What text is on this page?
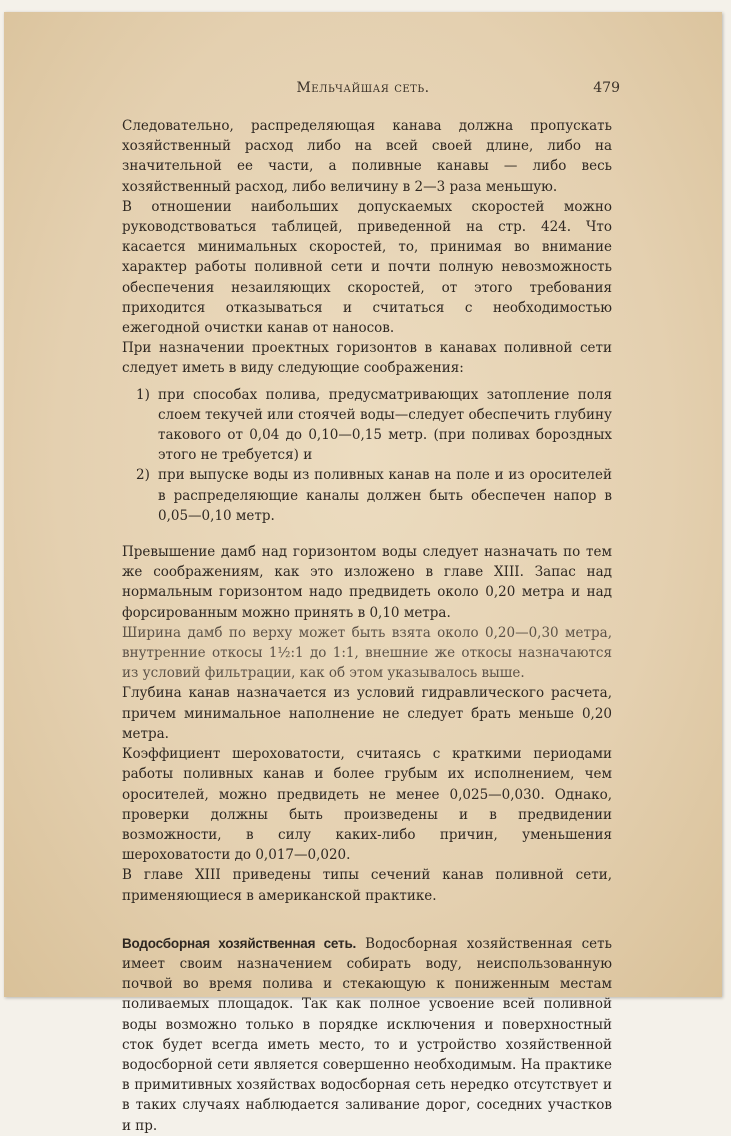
Мельчайшая сеть.	479

Следовательно, распределяющая канава должна пропускать хозяйственный расход либо на всей своей длине, либо на значительной ее части, а поливные канавы — либо весь хозяйственный расход, либо величину в 2—3 раза меньшую.

В отношении наибольших допускаемых скоростей можно руководствоваться таблицей, приведенной на стр. 424. Что касается минимальных скоростей, то, принимая во внимание характер работы поливной сети и почти полную невозможность обеспечения незаиляющих скоростей, от этого требования приходится отказываться и считаться с необходимостью ежегодной очистки канав от наносов.

При назначении проектных горизонтов в канавах поливной сети следует иметь в виду следующие соображения:

1) при способах полива, предусматривающих затопление поля слоем текучей или стоячей воды—следует обеспечить глубину такового от 0,04 до 0,10—0,15 метр. (при поливах бороздных этого не требуется) и
2) при выпуске воды из поливных канав на поле и из оросителей в распределяющие каналы должен быть обеспечен напор в 0,05—0,10 метр.

Превышение дамб над горизонтом воды следует назначать по тем же соображениям, как это изложено в главе XIII. Запас над нормальным горизонтом надо предвидеть около 0,20 метра и над форсированным можно принять в 0,10 метра.

Ширина дамб по верху может быть взята около 0,20—0,30 метра, внутренние откосы 1½:1 до 1:1, внешние же откосы назначаются из условий фильтрации, как об этом указывалось выше.

Глубина канав назначается из условий гидравлического расчета, причем минимальное наполнение не следует брать меньше 0,20 метра.

Коэффициент шероховатости, считаясь с краткими периодами работы поливных канав и более грубым их исполнением, чем оросителей, можно предвидеть не менее 0,025—0,030. Однако, проверки должны быть произведены и в предвидении возможности, в силу каких-либо причин, уменьшения шероховатости до 0,017—0,020.

В главе XIII приведены типы сечений канав поливной сети, применяющиеся в американской практике.

Водосборная хозяйственная сеть. Водосборная хозяйственная сеть имеет своим назначением собирать воду, неиспользованную почвой во время полива и стекающую к пониженным местам поливаемых площадок. Так как полное усвоение всей поливной воды возможно только в порядке исключения и поверхностный сток будет всегда иметь место, то и устройство хозяйственной водосборной сети является совершенно необходимым. На практике в примитивных хозяйствах водосборная сеть нередко отсутствует и в таких случаях наблюдается заливание дорог, соседних участков и пр.
